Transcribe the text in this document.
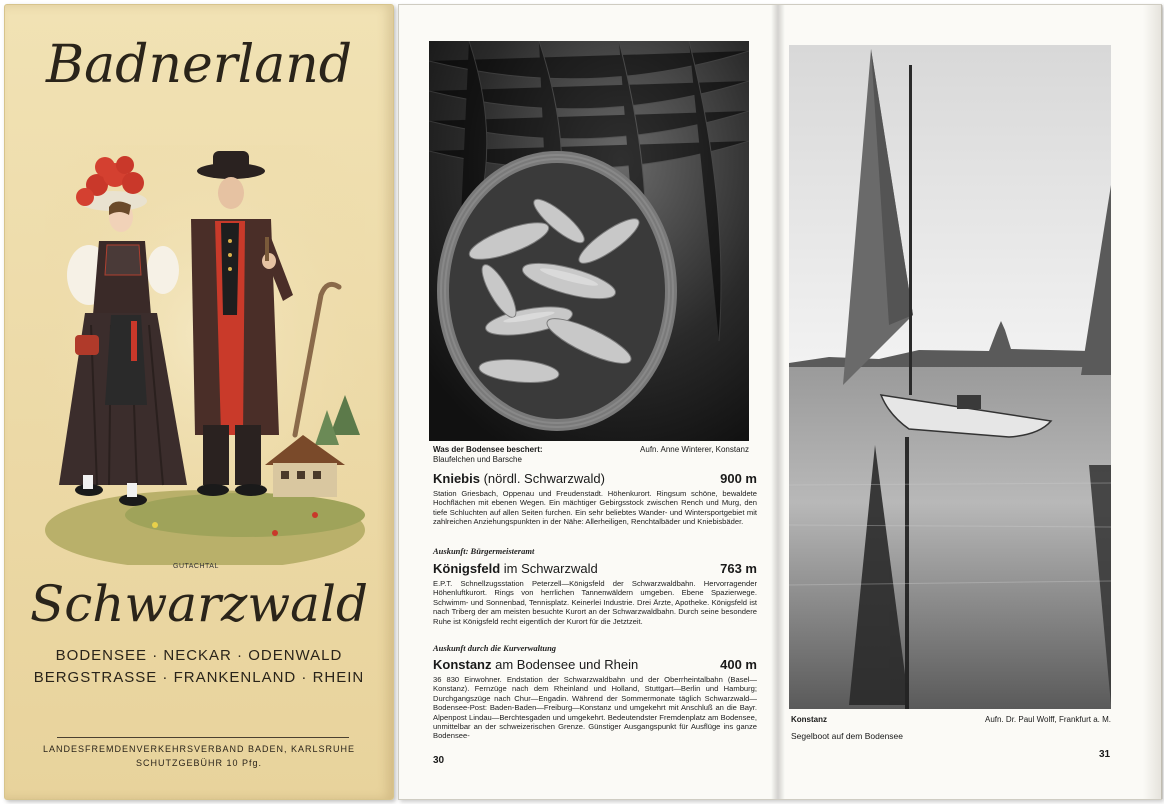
Badnerland
GUTACHTAL
Schwarzwald
BODENSEE · NECKAR · ODENWALD
BERGSTRASSE · FRANKENLAND · RHEIN
LANDESFREMDENVERKEHRSVERBAND BADEN, KARLSRUHE
SCHUTZGEBÜHR 10 Pfg.
Was der Bodensee beschert:
Blaufelchen und Barsche
Aufn. Anne Winterer, Konstanz
Kniebis (nördl. Schwarzwald)	900 m
Station Griesbach, Oppenau und Freudenstadt. Höhenkurort. Ringsum schöne, bewaldete Hochflächen mit ebenen Wegen. Ein mächtiger Gebirgsstock zwischen Rench und Murg, den tiefe Schluchten auf allen Seiten furchen. Ein sehr beliebtes Wander- und Wintersportgebiet mit zahlreichen Anziehungspunkten in der Nähe: Allerheiligen, Renchtalbäder und Kniebisbäder.
Auskunft: Bürgermeisteramt
Königsfeld im Schwarzwald	763 m
E.P.T. Schnellzugsstation Peterzell—Königsfeld der Schwarzwaldbahn. Hervorragender Höhenluftkurort. Rings von herrlichen Tannenwäldern umgeben. Ebene Spazierwege. Schwimm- und Sonnenbad, Tennisplatz. Keinerlei Industrie. Drei Ärzte, Apotheke. Königsfeld ist nach Triberg der am meisten besuchte Kurort an der Schwarzwaldbahn. Durch seine besondere Ruhe ist Königsfeld recht eigentlich der Kurort für die Jetztzeit.
Auskunft durch die Kurverwaltung
Konstanz am Bodensee und Rhein	400 m
36 830 Einwohner. Endstation der Schwarzwaldbahn und der Oberrheintalbahn (Basel—Konstanz). Fernzüge nach dem Rheinland und Holland, Stuttgart—Berlin und Hamburg; Durchgangszüge nach Chur—Engadin. Während der Sommermonate täglich Schwarzwald—Bodensee-Post: Baden-Baden—Freiburg—Konstanz und umgekehrt mit Anschluß an die Bayr. Alpenpost Lindau—Berchtesgaden und umgekehrt. Bedeutendster Fremdenplatz am Bodensee, unmittelbar an der schweizerischen Grenze. Günstiger Ausgangspunkt für Ausflüge ins ganze Bodensee-
30
Konstanz
Segelboot auf dem Bodensee
Aufn. Dr. Paul Wolff, Frankfurt a. M.
31
